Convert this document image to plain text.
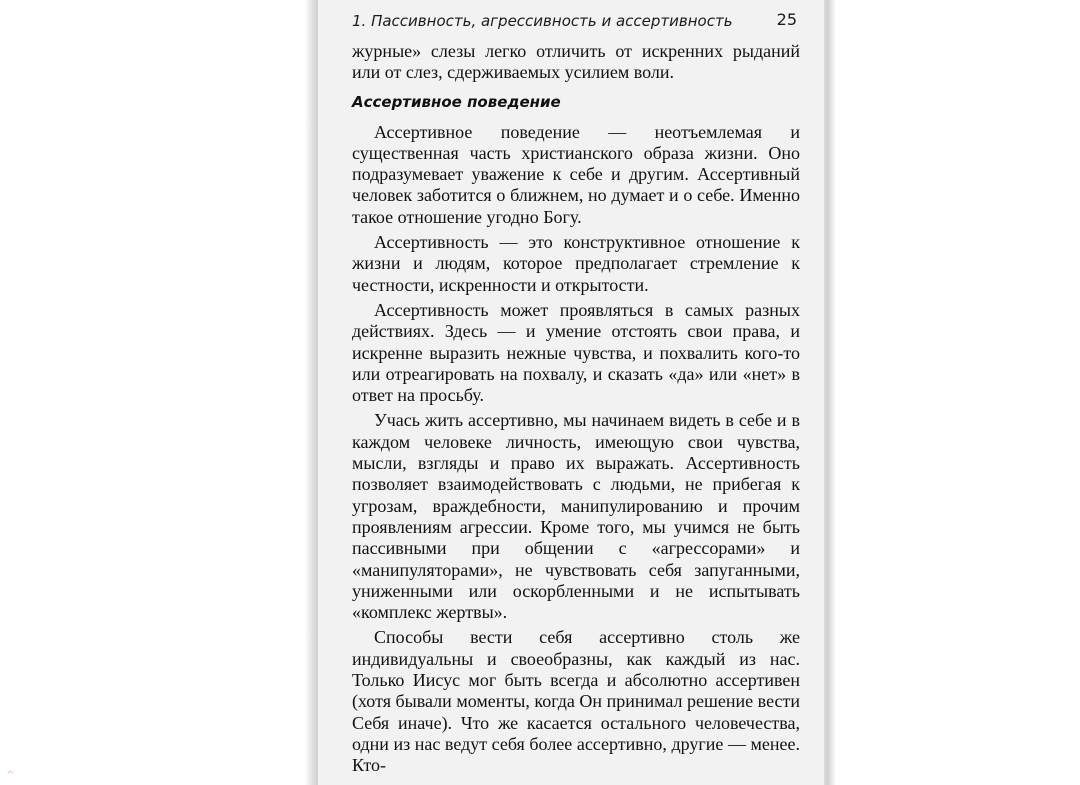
1. Пассивность, агрессивность и ассертивность	25

журные» слезы легко отличить от искренних рыданий или от слез, сдерживаемых усилием воли.

Ассертивное поведение

Ассертивное поведение — неотъемлемая и существенная часть христианского образа жизни. Оно подразумевает уважение к себе и другим. Ассертивный человек заботится о ближнем, но думает и о себе. Именно такое отношение угодно Богу.

Ассертивность — это конструктивное отношение к жизни и людям, которое предполагает стремление к честности, искренности и открытости.

Ассертивность может проявляться в самых разных действиях. Здесь — и умение отстоять свои права, и искренне выразить нежные чувства, и похвалить кого-то или отреагировать на похвалу, и сказать «да» или «нет» в ответ на просьбу.

Учась жить ассертивно, мы начинаем видеть в себе и в каждом человеке личность, имеющую свои чувства, мысли, взгляды и право их выражать. Ассертивность позволяет взаимодействовать с людьми, не прибегая к угрозам, враждебности, манипулированию и прочим проявлениям агрессии. Кроме того, мы учимся не быть пассивными при общении с «агрессорами» и «манипуляторами», не чувствовать себя запуганными, униженными или оскорбленными и не испытывать «комплекс жертвы».

Способы вести себя ассертивно столь же индивидуальны и своеобразны, как каждый из нас. Только Иисус мог быть всегда и абсолютно ассертивен (хотя бывали моменты, когда Он принимал решение вести Себя иначе). Что же касается остального человечества, одни из нас ведут себя более ассертивно, другие — менее. Кто-

^
